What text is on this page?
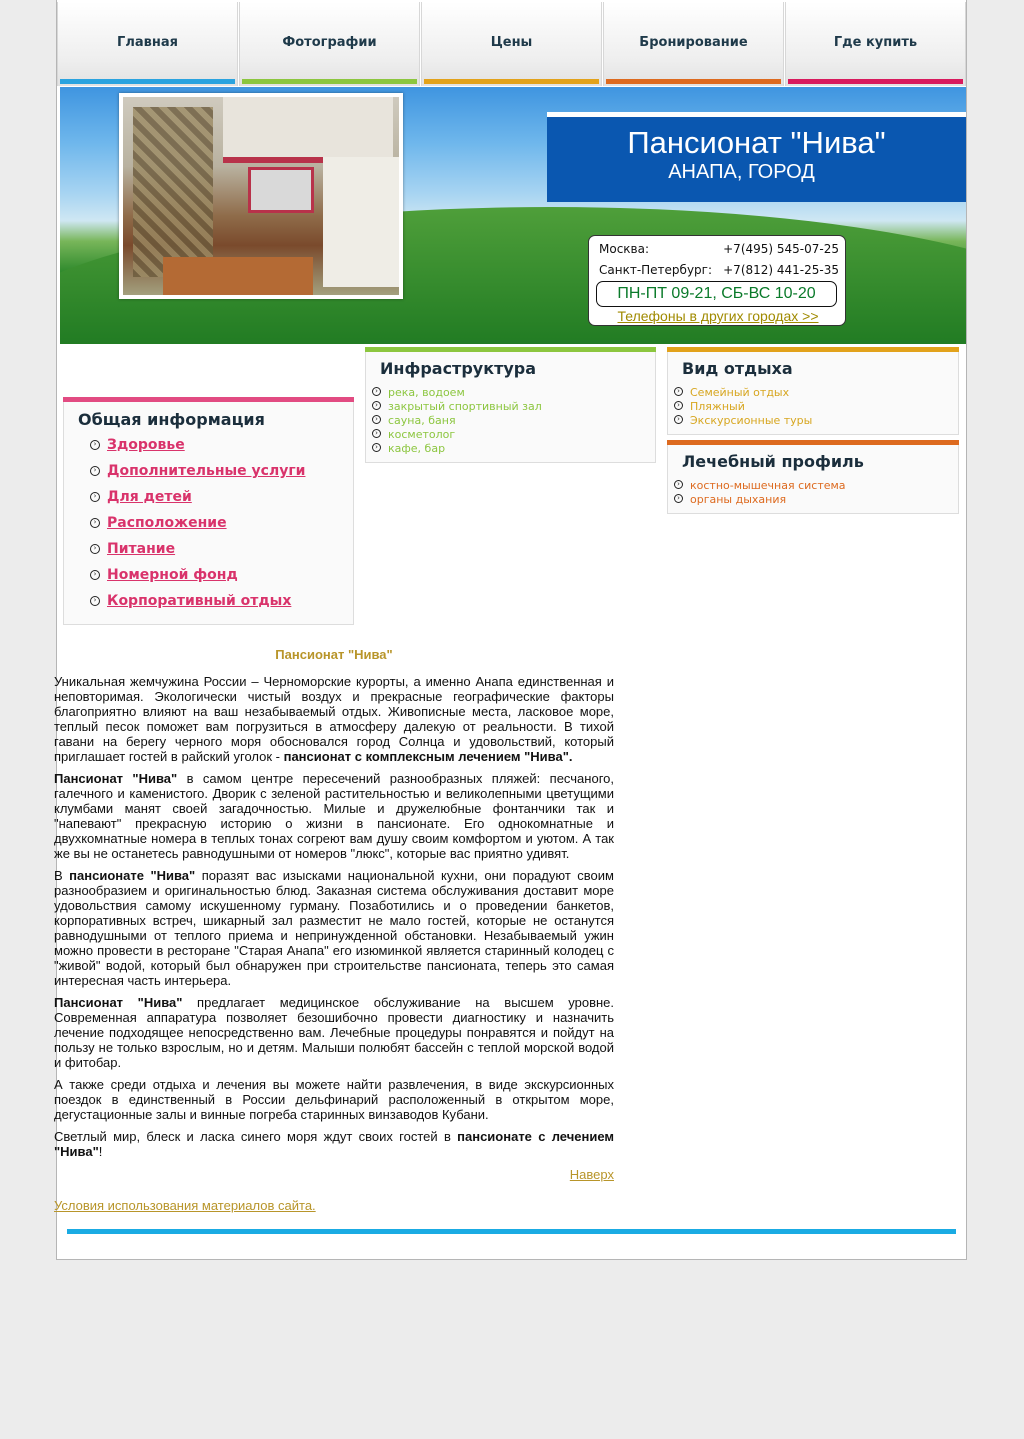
Главная	Фотографии	Цены	Бронирование	Где купить
Пансионат "Нива"
АНАПА, ГОРОД
Москва:	+7(495) 545-07-25
Санкт-Петербург: +7(812) 441-25-35
ПН-ПТ 09-21, СБ-ВС 10-20
Телефоны в других городах >>
Общая информация
› Здоровье
› Дополнительные услуги
› Для детей
› Расположение
› Питание
› Номерной фонд
› Корпоративный отдых
Инфраструктура
› река, водоем
› закрытый спортивный зал
› сауна, баня
› косметолог
› кафе, бар
Вид отдыха
› Семейный отдых
› Пляжный
› Экскурсионные туры
Лечебный профиль
› костно-мышечная система
› органы дыхания
Пансионат "Нива"

Уникальная жемчужина России – Черноморские курорты, а именно Анапа единственная и неповторимая. Экологически чистый воздух и прекрасные географические факторы благоприятно влияют на ваш незабываемый отдых. Живописные места, ласковое море, теплый песок поможет вам погрузиться в атмосферу далекую от реальности. В тихой гавани на берегу черного моря обосновался город Солнца и удовольствий, который приглашает гостей в райский уголок - пансионат с комплексным лечением "Нива".

Пансионат "Нива" в самом центре пересечений разнообразных пляжей: песчаного, галечного и каменистого. Дворик с зеленой растительностью и великолепными цветущими клумбами манят своей загадочностью. Милые и дружелюбные фонтанчики так и "напевают" прекрасную историю о жизни в пансионате. Его однокомнатные и двухкомнатные номера в теплых тонах согреют вам душу своим комфортом и уютом. А так же вы не останетесь равнодушными от номеров "люкс", которые вас приятно удивят.

В пансионате "Нива" поразят вас изысками национальной кухни, они порадуют своим разнообразием и оригинальностью блюд. Заказная система обслуживания доставит море удовольствия самому искушенному гурману. Позаботились и о проведении банкетов, корпоративных встреч, шикарный зал разместит не мало гостей, которые не останутся равнодушными от теплого приема и непринужденной обстановки. Незабываемый ужин можно провести в ресторане "Старая Анапа" его изюминкой является старинный колодец с "живой" водой, который был обнаружен при строительстве пансионата, теперь это самая интересная часть интерьера.

Пансионат "Нива" предлагает медицинское обслуживание на высшем уровне. Современная аппаратура позволяет безошибочно провести диагностику и назначить лечение подходящее непосредственно вам. Лечебные процедуры понравятся и пойдут на пользу не только взрослым, но и детям. Малыши полюбят бассейн с теплой морской водой и фитобар.

А также среди отдыха и лечения вы можете найти развлечения, в виде экскурсионных поездок в единственный в России дельфинарий расположенный в открытом море, дегустационные залы и винные погреба старинных винзаводов Кубани.

Светлый мир, блеск и ласка синего моря ждут своих гостей в пансионате с лечением "Нива"!

Наверх
Условия использования материалов сайта.
